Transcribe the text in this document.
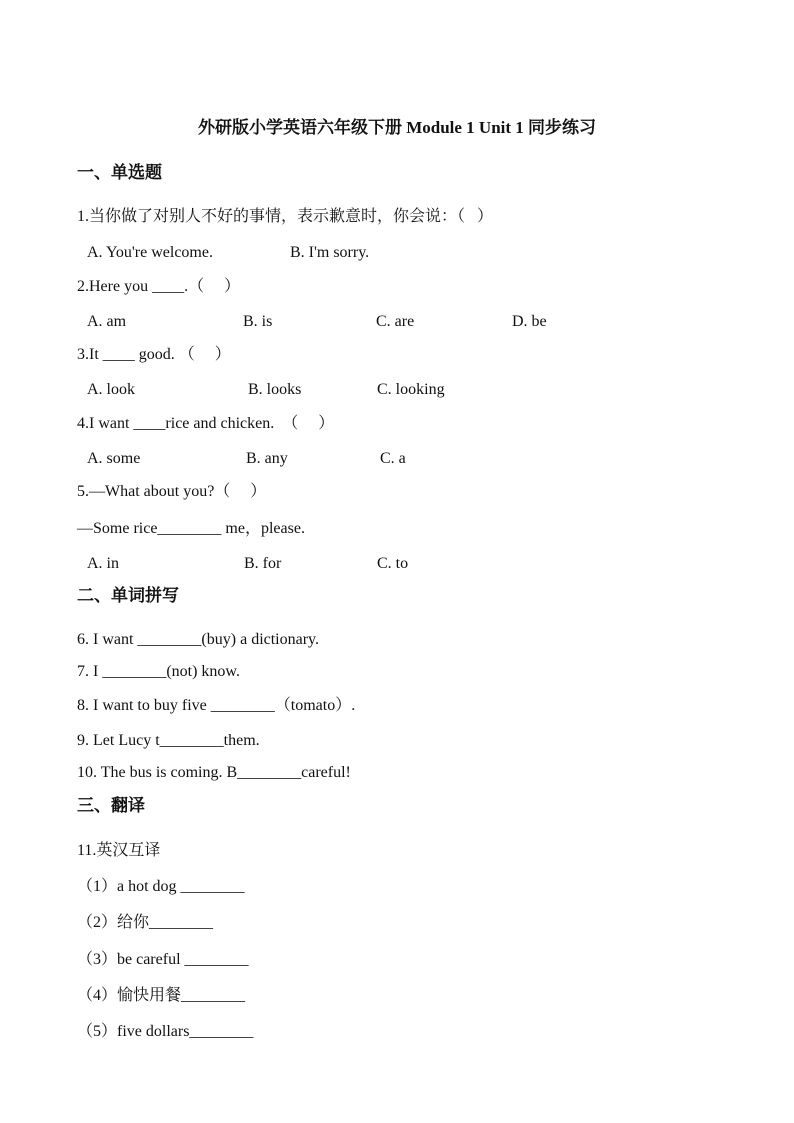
外研版小学英语六年级下册 Module 1 Unit 1 同步练习
一、单选题
1.当你做了对别人不好的事情，表示歉意时，你会说：（   ）
A. You're welcome.	B. I'm sorry.
2.Here you ____.（     ）
A. am	B. is	C. are	D. be
3.It ____ good. （     ）
A. look	B. looks	C. looking
4.I want ____rice and chicken.  （     ）
A. some	B. any	C. a
5.—What about you?（     ）
—Some rice________ me，please.
A. in	B. for	C. to
二、单词拼写
6. I want ________(buy) a dictionary.
7. I ________(not) know.
8. I want to buy five ________（tomato）.
9. Let Lucy t________them.
10. The bus is coming. B________careful!
三、翻译
11.英汉互译
（1）a hot dog ________
（2）给你________
（3）be careful ________
（4）愉快用餐________
（5）five dollars________
